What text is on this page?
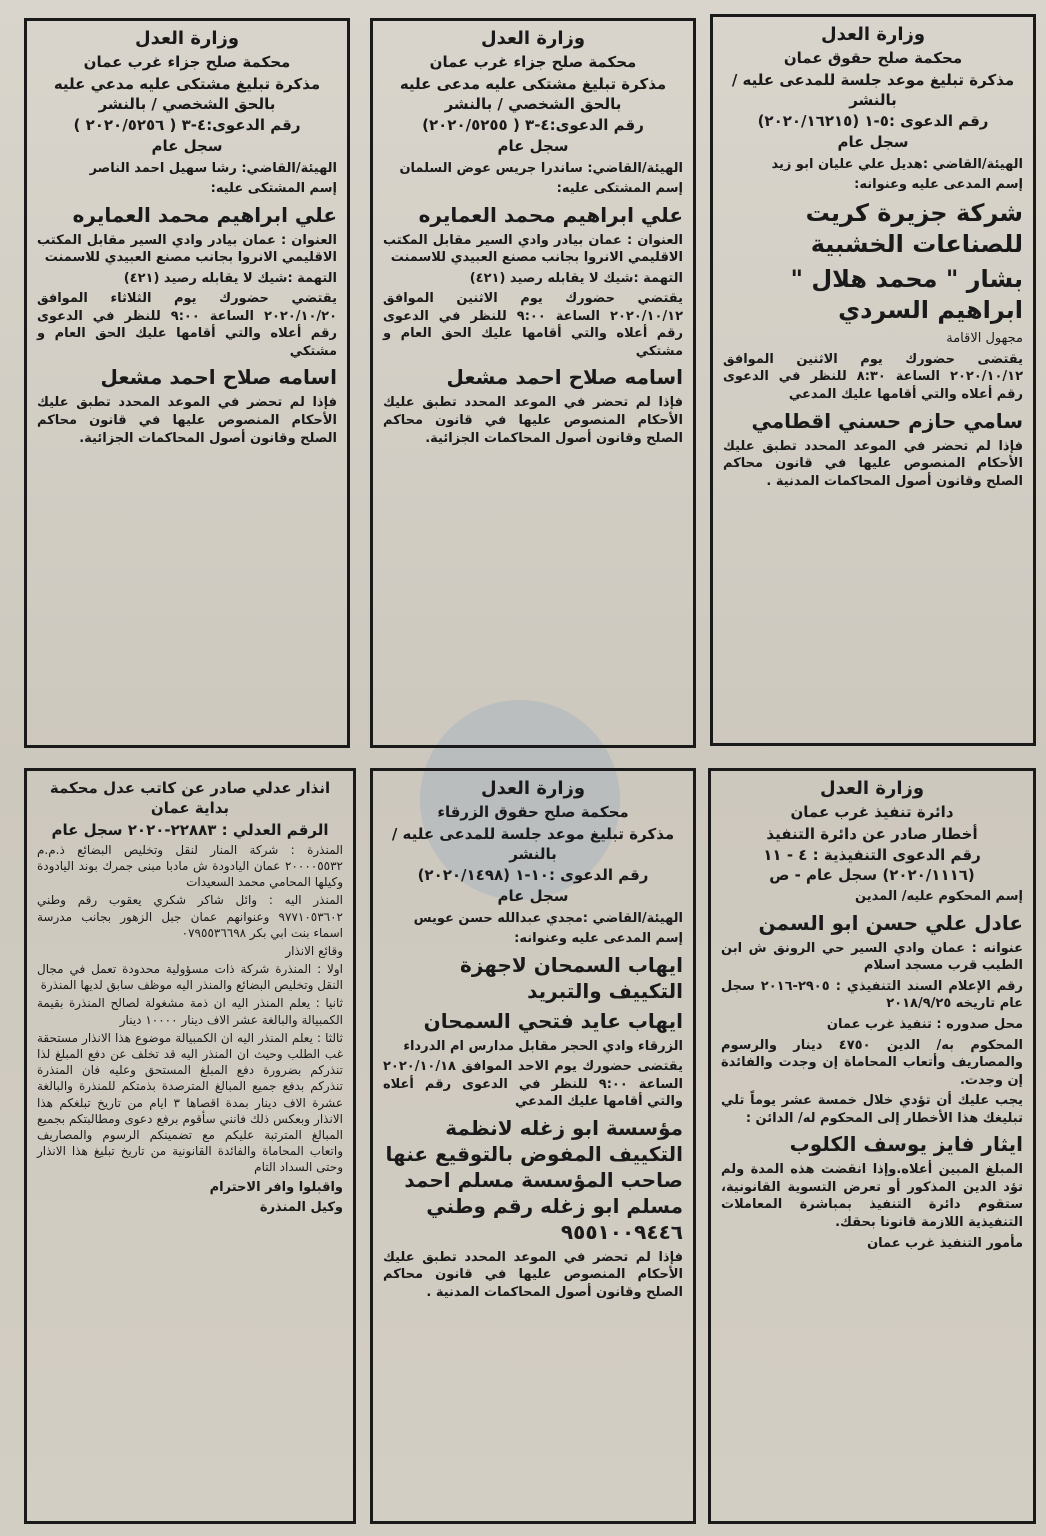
وزارة العدل

محكمة صلح حقوق عمان

مذكرة تبليغ موعد جلسة للمدعى عليه / بالنشر

رقم الدعوى :٥-١ (٢٠٢٠/١٦٢١٥)

سجل عام

الهيئة/القاضي :هديل علي عليان ابو زيد

إسم المدعى عليه وعنوانه:

شركة جزيرة كريت للصناعات الخشبية

بشار " محمد هلال " ابراهيم السردي

مجهول الاقامة

يقتضى حضورك يوم الاثنين الموافق ٢٠٢٠/١٠/١٢ الساعة ٨:٣٠ للنظر في الدعوى رقم أعلاه والتي أقامها عليك المدعي

سامي حازم حسني اقطامي

فإذا لم تحضر في الموعد المحدد تطبق عليك الأحكام المنصوص عليها في قانون محاكم الصلح وقانون أصول المحاكمات المدنية .

وزارة العدل

محكمة صلح جزاء غرب عمان

مذكرة تبليغ مشتكى عليه مدعى عليه بالحق الشخصي / بالنشر

رقم الدعوى:٤-٣ ( ٢٠٢٠/٥٢٥٥)

سجل عام

الهيئة/القاضي: ساندرا جريس عوض السلمان

إسم المشتكى عليه:

علي ابراهيم محمد العمايره

العنوان : عمان بيادر وادي السير مقابل المكتب الاقليمي الانروا بجانب مصنع العبيدي للاسمنت

التهمة :شيك لا يقابله رصيد (٤٢١)

يقتضي حضورك يوم الاثنين الموافق ٢٠٢٠/١٠/١٢ الساعة ٩:٠٠ للنظر في الدعوى رقم أعلاه والتي أقامها عليك الحق العام و مشتكي

اسامه صلاح احمد مشعل

فإذا لم تحضر في الموعد المحدد تطبق عليك الأحكام المنصوص عليها في قانون محاكم الصلح وقانون أصول المحاكمات الجزائية.

وزارة العدل

محكمة صلح جزاء غرب عمان

مذكرة تبليغ مشتكى عليه مدعي عليه بالحق الشخصي / بالنشر

رقم الدعوى:٤-٣ ( ٢٠٢٠/٥٢٥٦ )

سجل عام

الهيئة/القاضي: رشا سهيل احمد الناصر

إسم المشتكى عليه:

علي ابراهيم محمد العمايره

العنوان : عمان بيادر وادي السير مقابل المكتب الاقليمي الانروا بجانب مصنع العبيدي للاسمنت

التهمة :شيك لا يقابله رصيد (٤٢١)

يقتضي حضورك يوم الثلاثاء الموافق ٢٠٢٠/١٠/٢٠ الساعة ٩:٠٠ للنظر في الدعوى رقم أعلاه والتي أقامها عليك الحق العام و مشتكي

اسامه صلاح احمد مشعل

فإذا لم تحضر في الموعد المحدد تطبق عليك الأحكام المنصوص عليها في قانون محاكم الصلح وقانون أصول المحاكمات الجزائية.

وزارة العدل

دائرة تنفيذ غرب عمان

أخطار صادر عن دائرة التنفيذ

رقم الدعوى التنفيذية : ٤ - ١١ (٢٠٢٠/١١١٦) سجل عام - ص

إسم المحكوم عليه/ المدين

عادل علي حسن ابو السمن

عنوانه : عمان وادي السير حي الرونق ش ابن الطيب قرب مسجد اسلام

رقم الإعلام السند التنفيذي : ٢٩٠٥-٢٠١٦ سجل عام تاريخه ٢٠١٨/٩/٢٥

محل صدوره : تنفيذ غرب عمان

المحكوم به/ الدين ٤٧٥٠ دينار والرسوم والمصاريف وأتعاب المحاماة إن وجدت والفائدة إن وجدت.

يجب عليك أن تؤدي خلال خمسة عشر يوماً تلي تبليغك هذا الأخطار إلى المحكوم له/ الدائن :

ايثار فايز يوسف الكلوب

المبلغ المبين أعلاه.وإذا انقضت هذه المدة ولم تؤد الدين المذكور أو تعرض التسوية القانونية، ستقوم دائرة التنفيذ بمباشرة المعاملات التنفيذية اللازمة قانونا بحقك.

مأمور التنفيذ غرب عمان

وزارة العدل

محكمة صلح حقوق الزرقاء

مذكرة تبليغ موعد جلسة للمدعى عليه / بالنشر

رقم الدعوى :١٠-١ (٢٠٢٠/١٤٩٨)

سجل عام

الهيئة/القاضي :مجدي عبدالله حسن عويس

إسم المدعى عليه وعنوانه:

ايهاب السمحان لاجهزة التكييف والتبريد

ايهاب عايد فتحي السمحان

الزرقاء وادي الحجر مقابل مدارس ام الدرداء

يقتضى حضورك يوم الاحد الموافق ٢٠٢٠/١٠/١٨ الساعة ٩:٠٠ للنظر في الدعوى رقم أعلاه والتي أقامها عليك المدعي

مؤسسة ابو زغله لانظمة التكييف المفوض بالتوقيع عنها صاحب المؤسسة مسلم احمد مسلم ابو زغله رقم وطني ٩٥٥١٠٠٩٤٤٦

فإذا لم تحضر في الموعد المحدد تطبق عليك الأحكام المنصوص عليها في قانون محاكم الصلح وقانون أصول المحاكمات المدنية .

انذار عدلي صادر عن كاتب عدل محكمة بداية عمان

الرقم العدلي : ٢٢٨٨٣-٢٠٢٠ سجل عام

المنذرة : شركة المنار لنقل وتخليص البضائع ذ.م.م ٢٠٠٠٠٥٥٣٢ عمان اليادودة ش مادبا مبنى جمرك بوند اليادودة وكيلها المحامي محمد السعيدات

المنذر اليه : وائل شاكر شكري يعقوب رقم وطني ٩٧٧١٠٥٣٦٠٢ وعنوانهم عمان جبل الزهور بجانب مدرسة اسماء بنت ابي بكر ٠٧٩٥٥٣٦٦٩٨

وقائع الانذار

اولا : المنذرة شركة ذات مسؤولية محدودة تعمل في مجال النقل وتخليص البضائع والمنذر اليه موظف سابق لديها المنذرة

ثانيا : يعلم المنذر اليه ان ذمة مشغولة لصالح المنذرة بقيمة الكمبيالة والبالغة عشر الاف دينار ١٠٠٠٠ دينار

ثالثا : يعلم المنذر اليه ان الكمبيالة موضوع هذا الانذار مستحقة غب الطلب وحيث ان المنذر اليه قد تخلف عن دفع المبلغ لذا تنذركم بضرورة دفع المبلغ المستحق وعليه فان المنذرة تنذركم بدفع جميع المبالغ المترصدة بذمتكم للمنذرة والبالغة عشرة الاف دينار بمدة اقصاها ٣ ايام من تاريخ تبلغكم هذا الانذار وبعكس ذلك فانني سأقوم برفع دعوى ومطالبتكم بجميع المبالغ المترتبة عليكم مع تضمينكم الرسوم والمصاريف واتعاب المحاماة والفائدة القانونية من تاريخ تبليغ هذا الانذار وحتى السداد التام

واقبلوا وافر الاحترام

وكيل المنذرة
